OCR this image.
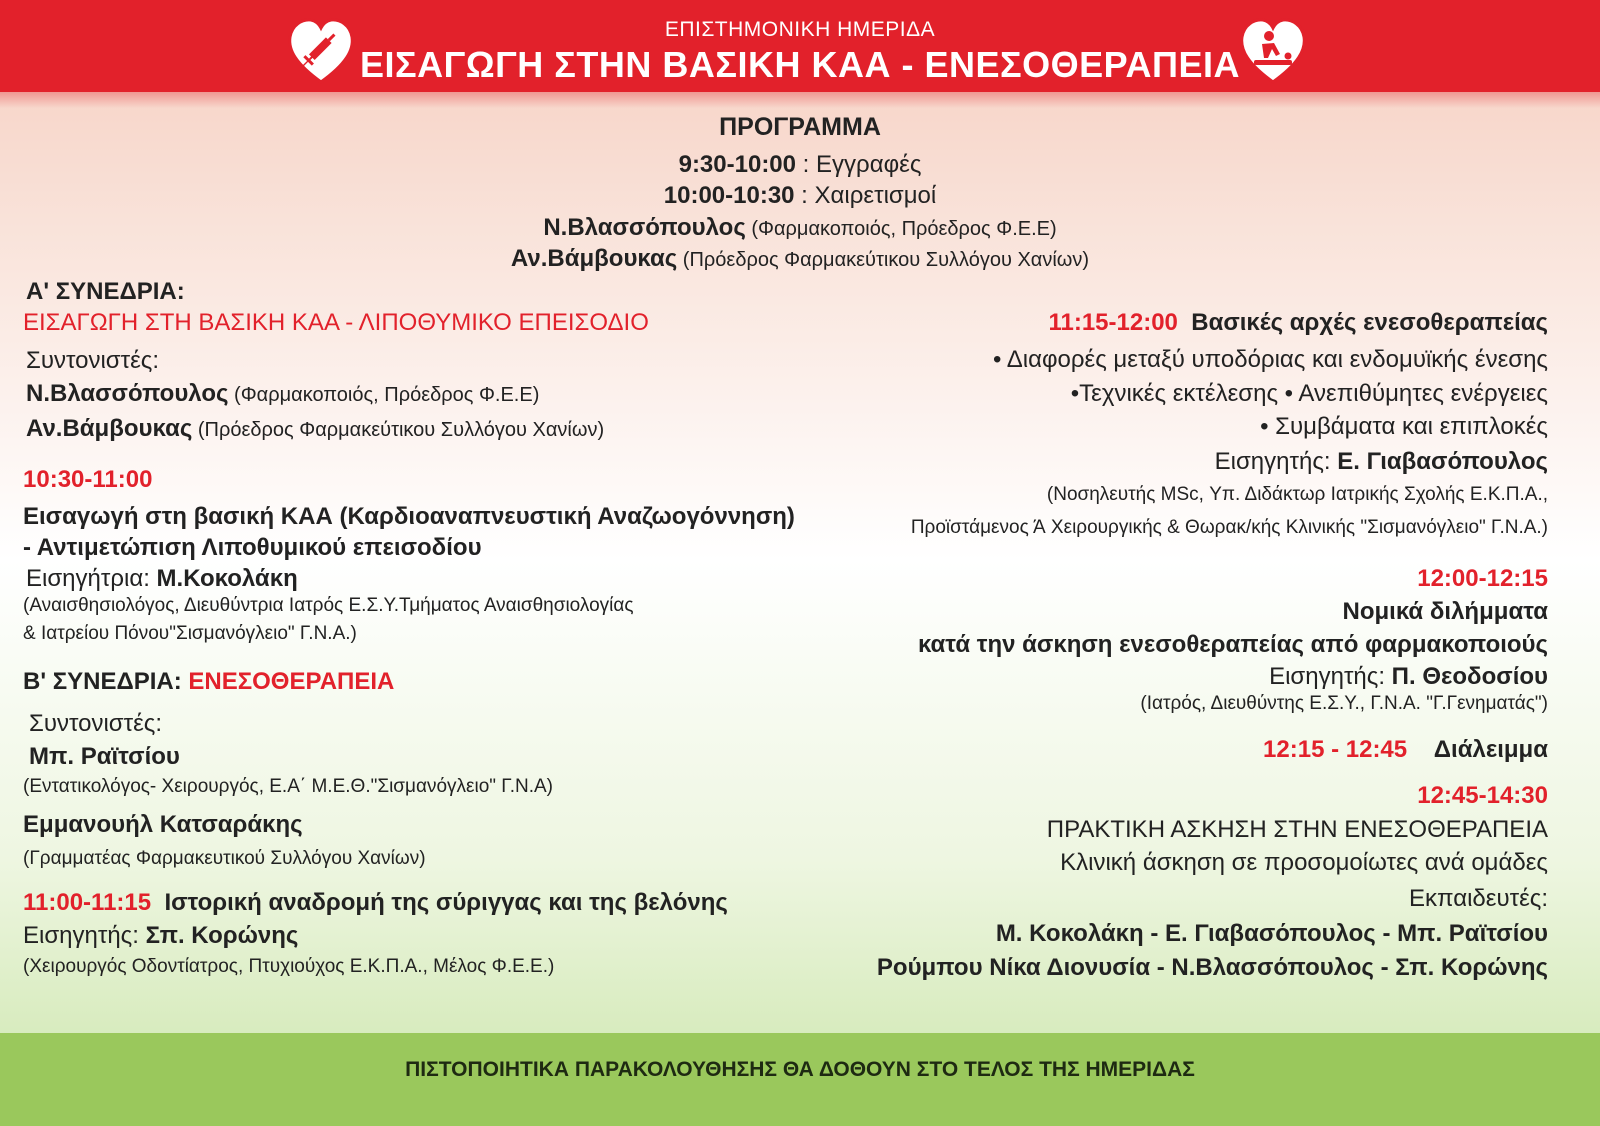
ΕΠΙΣΤΗΜΟΝΙΚΗ ΗΜΕΡΙΔΑ
ΕΙΣΑΓΩΓΗ ΣΤΗΝ ΒΑΣΙΚΗ ΚΑΑ - ΕΝΕΣΟΘΕΡΑΠΕΙΑ
ΠΡΟΓΡΑΜΜΑ
9:30-10:00 : Εγγραφές
10:00-10:30 : Χαιρετισμοί
Ν.Βλασσόπουλος (Φαρμακοποιός, Πρόεδρος Φ.Ε.Ε)
Αν.Βάμβουκας (Πρόεδρος Φαρμακεύτικου Συλλόγου Χανίων)
Α' ΣΥΝΕΔΡΙΑ:
ΕΙΣΑΓΩΓΗ ΣΤΗ ΒΑΣΙΚΗ ΚΑΑ - ΛΙΠΟΘΥΜΙΚΟ ΕΠΕΙΣΟΔΙΟ
Συντονιστές:
Ν.Βλασσόπουλος (Φαρμακοποιός, Πρόεδρος Φ.Ε.Ε)
Αν.Βάμβουκας (Πρόεδρος Φαρμακεύτικου Συλλόγου Χανίων)
10:30-11:00
Εισαγωγή στη βασική ΚΑΑ (Καρδιοαναπνευστική Αναζωογόννηση)
- Αντιμετώπιση Λιποθυμικού επεισοδίου
Εισηγήτρια: Μ.Κοκολάκη
(Αναισθησιολόγος, Διευθύντρια Ιατρός Ε.Σ.Υ.Τμήματος Αναισθησιολογίας
& Ιατρείου Πόνου"Σισμανόγλειο" Γ.Ν.Α.)
Β' ΣΥΝΕΔΡΙΑ: ΕΝΕΣΟΘΕΡΑΠΕΙΑ
Συντονιστές:
Μπ. Ραϊτσίου
(Εντατικολόγος- Χειρουργός, Ε.Α΄ Μ.Ε.Θ."Σισμανόγλειο" Γ.Ν.Α)
Εμμανουήλ Κατσαράκης
(Γραμματέας Φαρμακευτικού Συλλόγου Χανίων)
11:00-11:15 Ιστορική αναδρομή της σύριγγας και της βελόνης
Εισηγητής: Σπ. Κορώνης
(Χειρουργός Οδοντίατρος, Πτυχιούχος Ε.Κ.Π.Α., Μέλος Φ.Ε.Ε.)
11:15-12:00 Βασικές αρχές ενεσοθεραπείας
• Διαφορές μεταξύ υποδόριας και ενδομυϊκής ένεσης
•Τεχνικές εκτέλεσης • Ανεπιθύμητες ενέργειες
• Συμβάματα και επιπλοκές
Εισηγητής: Ε. Γιαβασόπουλος
(Νοσηλευτής MSc, Υπ. Διδάκτωρ Ιατρικής Σχολής Ε.Κ.Π.Α.,
Προϊστάμενος Ά Χειρουργικής & Θωρακ/κής Κλινικής "Σισμανόγλειο" Γ.Ν.Α.)
12:00-12:15
Νομικά διλήμματα
κατά την άσκηση ενεσοθεραπείας από φαρμακοποιούς
Εισηγητής: Π. Θεοδοσίου
(Ιατρός, Διευθύντης Ε.Σ.Υ., Γ.Ν.Α. "Γ.Γενηματάς")
12:15 - 12:45 Διάλειμμα
12:45-14:30
ΠΡΑΚΤΙΚΗ ΑΣΚΗΣΗ ΣΤΗΝ ΕΝΕΣΟΘΕΡΑΠΕΙΑ
Κλινική άσκηση σε προσομοίωτες ανά ομάδες
Εκπαιδευτές:
Μ. Κοκολάκη - Ε. Γιαβασόπουλος - Μπ. Ραϊτσίου
Ρούμπου Νίκα Διονυσία - Ν.Βλασσόπουλος - Σπ. Κορώνης
ΠΙΣΤΟΠΟΙΗΤΙΚΑ ΠΑΡΑΚΟΛΟΥΘΗΣΗΣ ΘΑ ΔΟΘΟΥΝ ΣΤΟ ΤΕΛΟΣ ΤΗΣ ΗΜΕΡΙΔΑΣ
